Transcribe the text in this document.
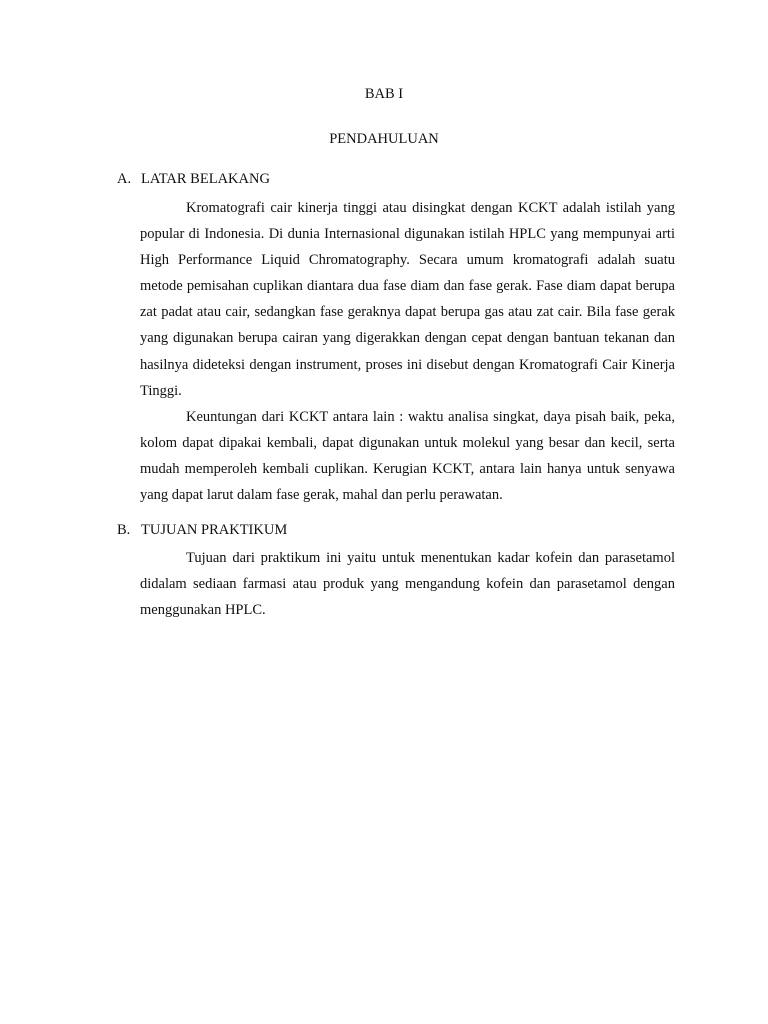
BAB I
PENDAHULUAN
A. LATAR BELAKANG

Kromatografi cair kinerja tinggi atau disingkat dengan KCKT adalah istilah yang popular di Indonesia. Di dunia Internasional digunakan istilah HPLC yang mempunyai arti High Performance Liquid Chromatography. Secara umum kromatografi adalah suatu metode pemisahan cuplikan diantara dua fase diam dan fase gerak. Fase diam dapat berupa zat padat atau cair, sedangkan fase geraknya dapat berupa gas atau zat cair. Bila fase gerak yang digunakan berupa cairan yang digerakkan dengan cepat dengan bantuan tekanan dan hasilnya dideteksi dengan instrument, proses ini disebut dengan Kromatografi Cair Kinerja Tinggi.

Keuntungan dari KCKT antara lain : waktu analisa singkat, daya pisah baik, peka, kolom dapat dipakai kembali, dapat digunakan untuk molekul yang besar dan kecil, serta mudah memperoleh kembali cuplikan. Kerugian KCKT, antara lain hanya untuk senyawa yang dapat larut dalam fase gerak, mahal dan perlu perawatan.

B. TUJUAN PRAKTIKUM

Tujuan dari praktikum ini yaitu untuk menentukan kadar kofein dan parasetamol didalam sediaan farmasi atau produk yang mengandung kofein dan parasetamol dengan menggunakan HPLC.
